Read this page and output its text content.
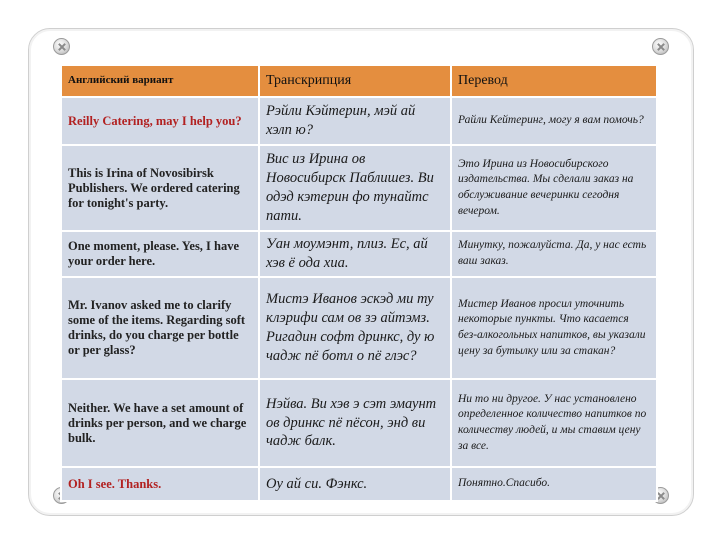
Английский вариант	Транскрипция	Перевод
Reilly Catering, may I help you?	Рэйли Кэйтерин, мэй ай хэлп ю?	Райли Кейтеринг, могу я вам помочь?
This is Irina of Novosibirsk Publishers. We ordered catering for tonight's party.	Вис из Ирина ов Новосибирск Паблишез. Ви одэд кэтерин фо тунайтс пати.	Это Ирина из Новосибирского издательства. Мы сделали заказ на обслуживание вечеринки сегодня вечером.
One moment, please. Yes, I have your order here.	Уан моумэнт, плиз. Ес, ай хэв ё ода хиа.	Минутку, пожалуйста. Да, у нас есть ваш заказ.
Mr. Ivanov asked me to clarify some of the items. Regarding soft drinks, do you charge per bottle or per glass?	Мистэ Иванов эскэд ми ту клэрифи сам ов зэ айтэмз. Ригадин софт дринкс, ду ю чадж пё ботл о пё глэс?	Мистер Иванов просил уточнить некоторые пункты. Что касается без-алкогольных напитков, вы указали цену за бутылку или за стакан?
Neither. We have a set amount of drinks per person, and we charge bulk.	Нэйва. Ви хэв э сэт эмаунт ов дринкс пё пёсон, энд ви чадж балк.	Ни то ни другое. У нас установлено определенное количество напитков по количеству людей, и мы ставим цену за все.
Oh I see. Thanks.	Оу ай си. Фэнкс.	Понятно.Спасибо.
